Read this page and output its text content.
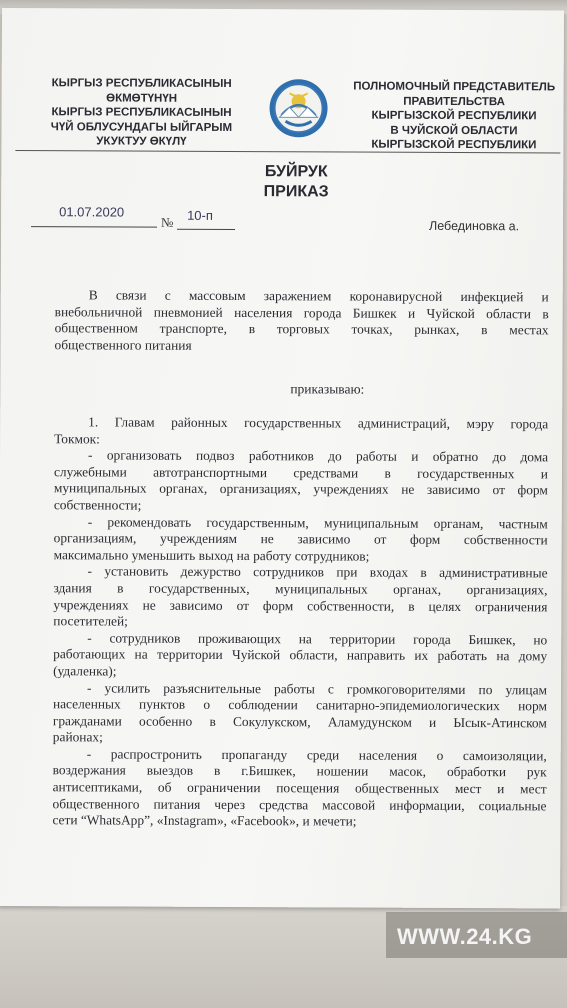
КЫРГЫЗ РЕСПУБЛИКАСЫНЫН
ӨКМӨТҮНҮН
КЫРГЫЗ РЕСПУБЛИКАСЫНЫН
ЧҮЙ ОБЛУСУНДАГЫ ЫЙГАРЫМ
УКУКТУУ ӨКҮЛҮ
ПОЛНОМОЧНЫЙ ПРЕДСТАВИТЕЛЬ
ПРАВИТЕЛЬСТВА
КЫРГЫЗСКОЙ РЕСПУБЛИКИ
В ЧУЙСКОЙ ОБЛАСТИ
КЫРГЫЗСКОЙ РЕСПУБЛИКИ
БУЙРУК
ПРИКАЗ
01.07.2020
№ 10-п
Лебединовка а.
В связи с массовым заражением коронавирусной инфекцией и
внебольничной пневмонией населения города Бишкек и Чуйской области в
общественном транспорте, в торговых точках, рынках, в местах
общественного питания
приказываю:
1. Главам районных государственных администраций, мэру города
Токмок:
- организовать подвоз работников до работы и обратно до дома
служебными автотранспортными средствами в государственных и
муниципальных органах, организациях, учреждениях не зависимо от форм
собственности;
- рекомендовать государственным, муниципальным органам, частным
организациям, учреждениям не зависимо от форм собственности
максимально уменьшить выход на работу сотрудников;
- установить дежурство сотрудников при входах в административные
здания в государственных, муниципальных органах, организациях,
учреждениях не зависимо от форм собственности, в целях ограничения
посетителей;
- сотрудников проживающих на территории города Бишкек, но
работающих на территории Чуйской области, направить их работать на дому
(удаленка);
- усилить разъяснительные работы с громкоговорителями по улицам
населенных пунктов о соблюдении санитарно-эпидемиологических норм
гражданами особенно в Сокулукском, Аламудунском и Ысык-Атинском
районах;
- распростронить пропаганду среди населения о самоизоляции,
воздержания выездов в г.Бишкек, ношении масок, обработки рук
антисептиками, об ограничении посещения общественных мест и мест
общественного питания через средства массовой информации, социальные
сети “WhatsApp”, «Instagram», «Facebook», и мечети;
WWW.24.KG
